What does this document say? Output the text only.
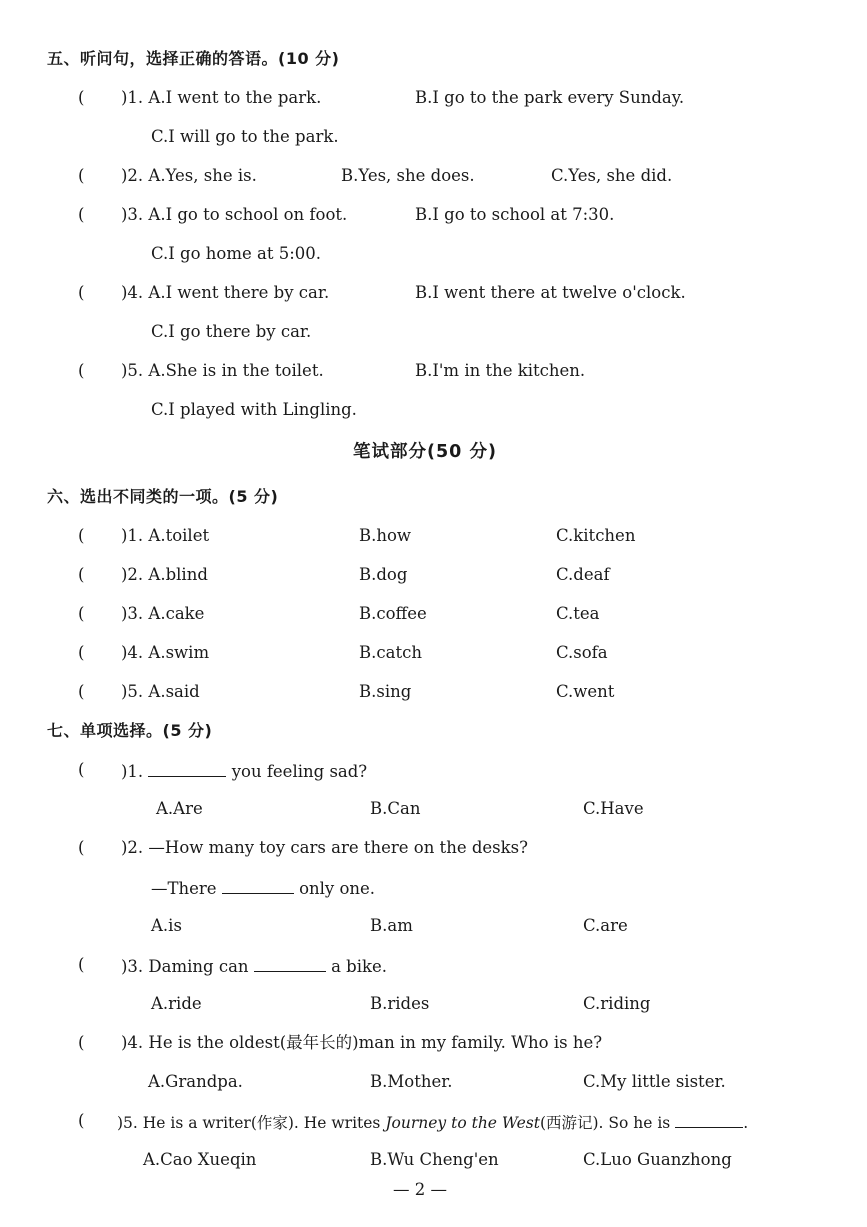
五、听问句，选择正确的答语。(10 分)
( )1. A.I went to the park.	B.I go to the park every Sunday.
C.I will go to the park.
( )2. A.Yes, she is.	B.Yes, she does.	C.Yes, she did.
( )3. A.I go to school on foot.	B.I go to school at 7:30.
C.I go home at 5:00.
( )4. A.I went there by car.	B.I went there at twelve o'clock.
C.I go there by car.
( )5. A.She is in the toilet.	B.I'm in the kitchen.
C.I played with Lingling.
笔试部分(50 分)
六、选出不同类的一项。(5 分)
( )1. A.toilet	B.how	C.kitchen
( )2. A.blind	B.dog	C.deaf
( )3. A.cake	B.coffee	C.tea
( )4. A.swim	B.catch	C.sofa
( )5. A.said	B.sing	C.went
七、单项选择。(5 分)
( )1.	you feeling sad?
A.Are	B.Can	C.Have
( )2. —How many toy cars are there on the desks?
—There	only one.
A.is	B.am	C.are
( )3. Daming can	a bike.
A.ride	B.rides	C.riding
( )4. He is the oldest(最年长的)man in my family. Who is he?
A.Grandpa.	B.Mother.	C.My little sister.
( )5. He is a writer(作家). He writes Journey to the West(西游记). So he is	.
A.Cao Xueqin	B.Wu Cheng'en	C.Luo Guanzhong
— 2 —
